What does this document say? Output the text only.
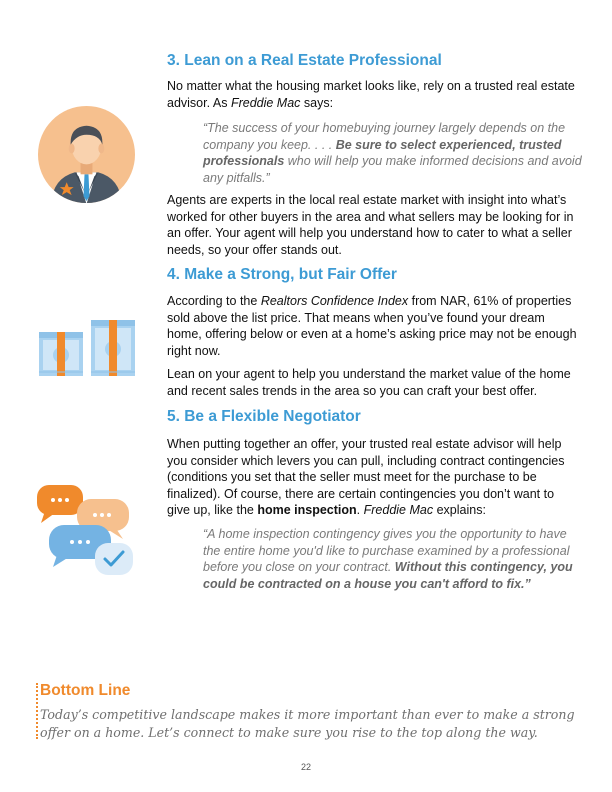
3. Lean on a Real Estate Professional

No matter what the housing market looks like, rely on a trusted real estate advisor. As Freddie Mac says:

“The success of your homebuying journey largely depends on the company you keep. . . . Be sure to select experienced, trusted professionals who will help you make informed decisions and avoid any pitfalls.”

Agents are experts in the local real estate market with insight into what’s worked for other buyers in the area and what sellers may be looking for in an offer. Your agent will help you understand how to cater to what a seller needs, so your offer stands out.

4. Make a Strong, but Fair Offer

According to the Realtors Confidence Index from NAR, 61% of properties sold above the list price. That means when you’ve found your dream home, offering below or even at a home’s asking price may not be enough right now.

Lean on your agent to help you understand the market value of the home and recent sales trends in the area so you can craft your best offer.

5. Be a Flexible Negotiator

When putting together an offer, your trusted real estate advisor will help you consider which levers you can pull, including contract contingencies (conditions you set that the seller must meet for the purchase to be finalized). Of course, there are certain contingencies you don’t want to give up, like the home inspection. Freddie Mac explains:

“A home inspection contingency gives you the opportunity to have the entire home you'd like to purchase examined by a professional before you close on your contract. Without this contingency, you could be contracted on a house you can't afford to fix.”

Bottom Line

Today’s competitive landscape makes it more important than ever to make a strong offer on a home. Let’s connect to make sure you rise to the top along the way.

22
